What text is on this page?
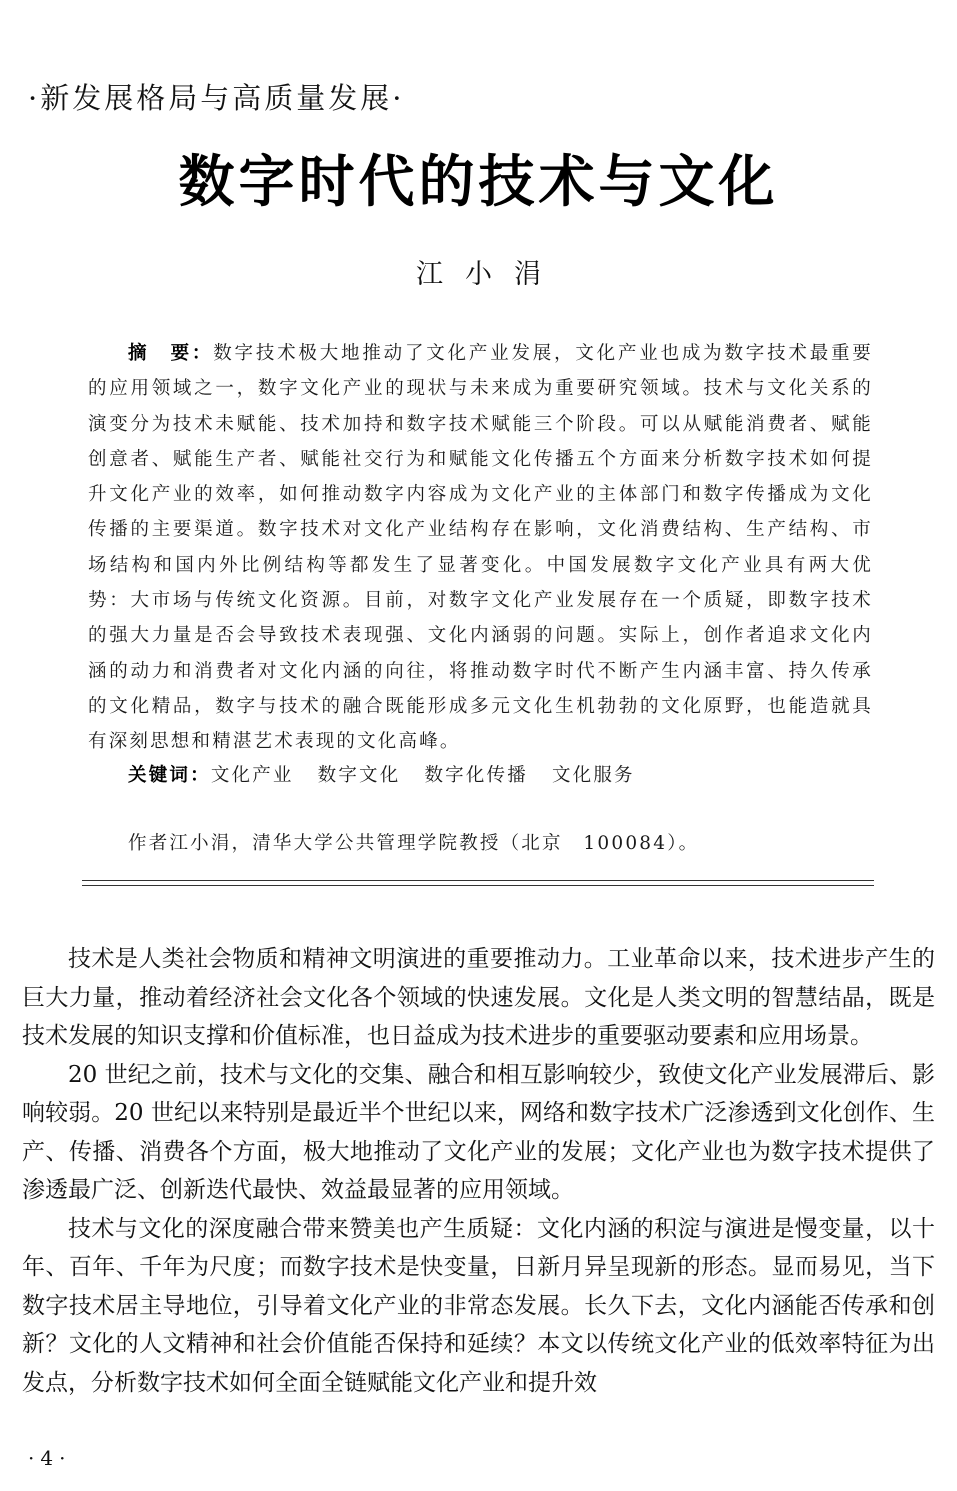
·新发展格局与高质量发展·
数字时代的技术与文化
江小涓

摘　要：数字技术极大地推动了文化产业发展，文化产业也成为数字技术最重要的应用领域之一，数字文化产业的现状与未来成为重要研究领域。技术与文化关系的演变分为技术未赋能、技术加持和数字技术赋能三个阶段。可以从赋能消费者、赋能创意者、赋能生产者、赋能社交行为和赋能文化传播五个方面来分析数字技术如何提升文化产业的效率，如何推动数字内容成为文化产业的主体部门和数字传播成为文化传播的主要渠道。数字技术对文化产业结构存在影响，文化消费结构、生产结构、市场结构和国内外比例结构等都发生了显著变化。中国发展数字文化产业具有两大优势：大市场与传统文化资源。目前，对数字文化产业发展存在一个质疑，即数字技术的强大力量是否会导致技术表现强、文化内涵弱的问题。实际上，创作者追求文化内涵的动力和消费者对文化内涵的向往，将推动数字时代不断产生内涵丰富、持久传承的文化精品，数字与技术的融合既能形成多元文化生机勃勃的文化原野，也能造就具有深刻思想和精湛艺术表现的文化高峰。

关键词：文化产业 数字文化 数字化传播 文化服务
作者江小涓，清华大学公共管理学院教授（北京　100084）。

技术是人类社会物质和精神文明演进的重要推动力。工业革命以来，技术进步产生的巨大力量，推动着经济社会文化各个领域的快速发展。文化是人类文明的智慧结晶，既是技术发展的知识支撑和价值标准，也日益成为技术进步的重要驱动要素和应用场景。

20 世纪之前，技术与文化的交集、融合和相互影响较少，致使文化产业发展滞后、影响较弱。20 世纪以来特别是最近半个世纪以来，网络和数字技术广泛渗透到文化创作、生产、传播、消费各个方面，极大地推动了文化产业的发展；文化产业也为数字技术提供了渗透最广泛、创新迭代最快、效益最显著的应用领域。

技术与文化的深度融合带来赞美也产生质疑：文化内涵的积淀与演进是慢变量，以十年、百年、千年为尺度；而数字技术是快变量，日新月异呈现新的形态。显而易见，当下数字技术居主导地位，引导着文化产业的非常态发展。长久下去，文化内涵能否传承和创新？文化的人文精神和社会价值能否保持和延续？本文以传统文化产业的低效率特征为出发点，分析数字技术如何全面全链赋能文化产业和提升效

·4·
